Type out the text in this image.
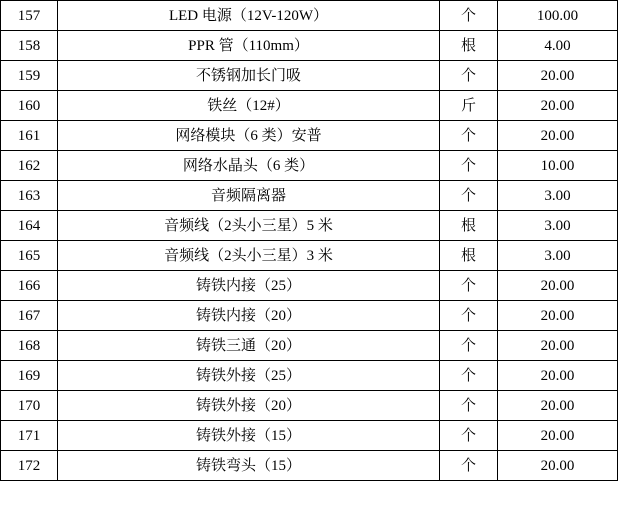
157	LED 电源（12V-120W）	个	100.00
158	PPR 管（110mm）	根	4.00
159	不锈钢加长门吸	个	20.00
160	铁丝（12#）	斤	20.00
161	网络模块（6 类）安普	个	20.00
162	网络水晶头（6 类）	个	10.00
163	音频隔离器	个	3.00
164	音频线（2头小三星）5 米	根	3.00
165	音频线（2头小三星）3 米	根	3.00
166	铸铁内接（25）	个	20.00
167	铸铁内接（20）	个	20.00
168	铸铁三通（20）	个	20.00
169	铸铁外接（25）	个	20.00
170	铸铁外接（20）	个	20.00
171	铸铁外接（15）	个	20.00
172	铸铁弯头（15）	个	20.00
